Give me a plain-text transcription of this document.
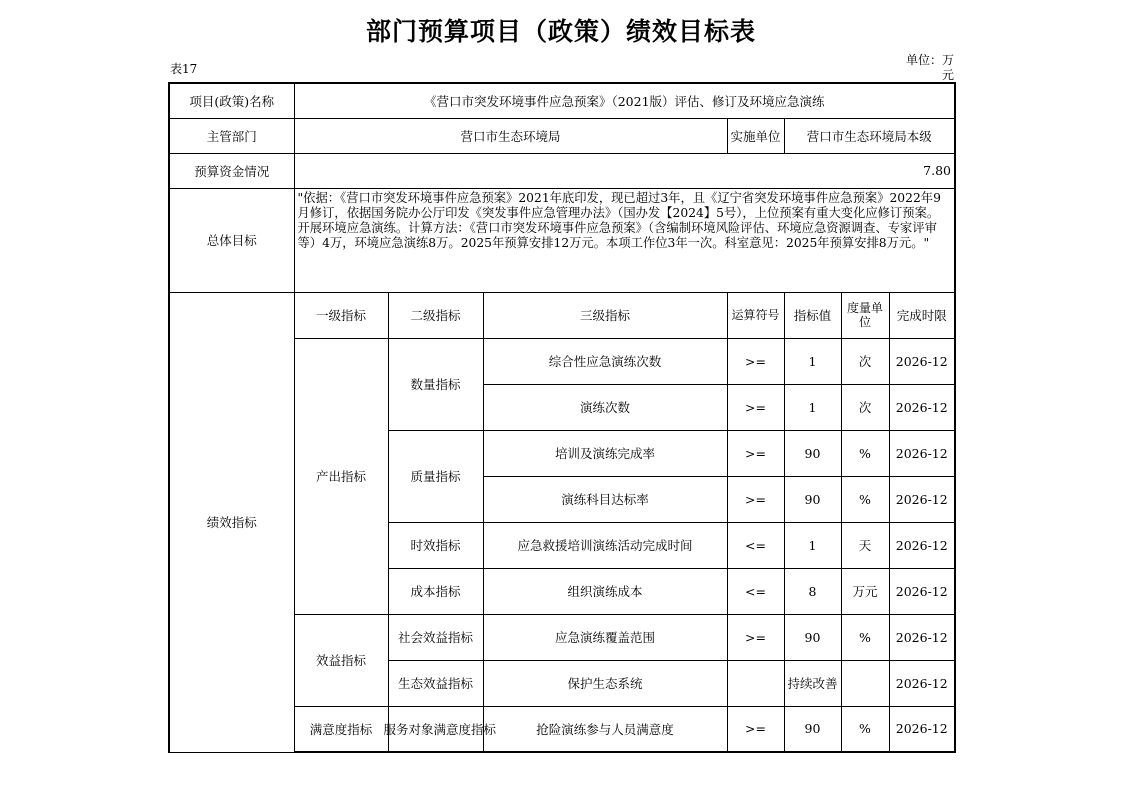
部门预算项目（政策）绩效目标表
表17
单位：万
元
项目(政策)名称	《营口市突发环境事件应急预案》（2021版）评估、修订及环境应急演练						
主管部门	营口市生态环境局			实施单位	营口市生态环境局本级		
预算资金情况	7.80						
总体目标	"依据：《营口市突发环境事件应急预案》2021年底印发，现已超过3年，且《辽宁省突发环境事件应急预案》2022年9月修订，依据国务院办公厅印发《突发事件应急管理办法》（国办发【2024】5号），上位预案有重大变化应修订预案。开展环境应急演练。计算方法：《营口市突发环境事件应急预案》（含编制环境风险评估、环境应急资源调查、专家评审等）4万，环境应急演练8万。2025年预算安排12万元。本项工作位3年一次。科室意见：2025年预算安排8万元。"						
绩效指标	一级指标	二级指标	三级指标	运算符号	指标值	度量单位	完成时限
	产出指标	数量指标	综合性应急演练次数	>=	1	次	2026-12
			演练次数	>=	1	次	2026-12
		质量指标	培训及演练完成率	>=	90	%	2026-12
			演练科目达标率	>=	90	%	2026-12
		时效指标	应急救援培训演练活动完成时间	<=	1	天	2026-12
		成本指标	组织演练成本	<=	8	万元	2026-12
	效益指标	社会效益指标	应急演练覆盖范围	>=	90	%	2026-12
		生态效益指标	保护生态系统		持续改善		2026-12
	满意度指标	服务对象满意度指标	抢险演练参与人员满意度	>=	90	%	2026-12
